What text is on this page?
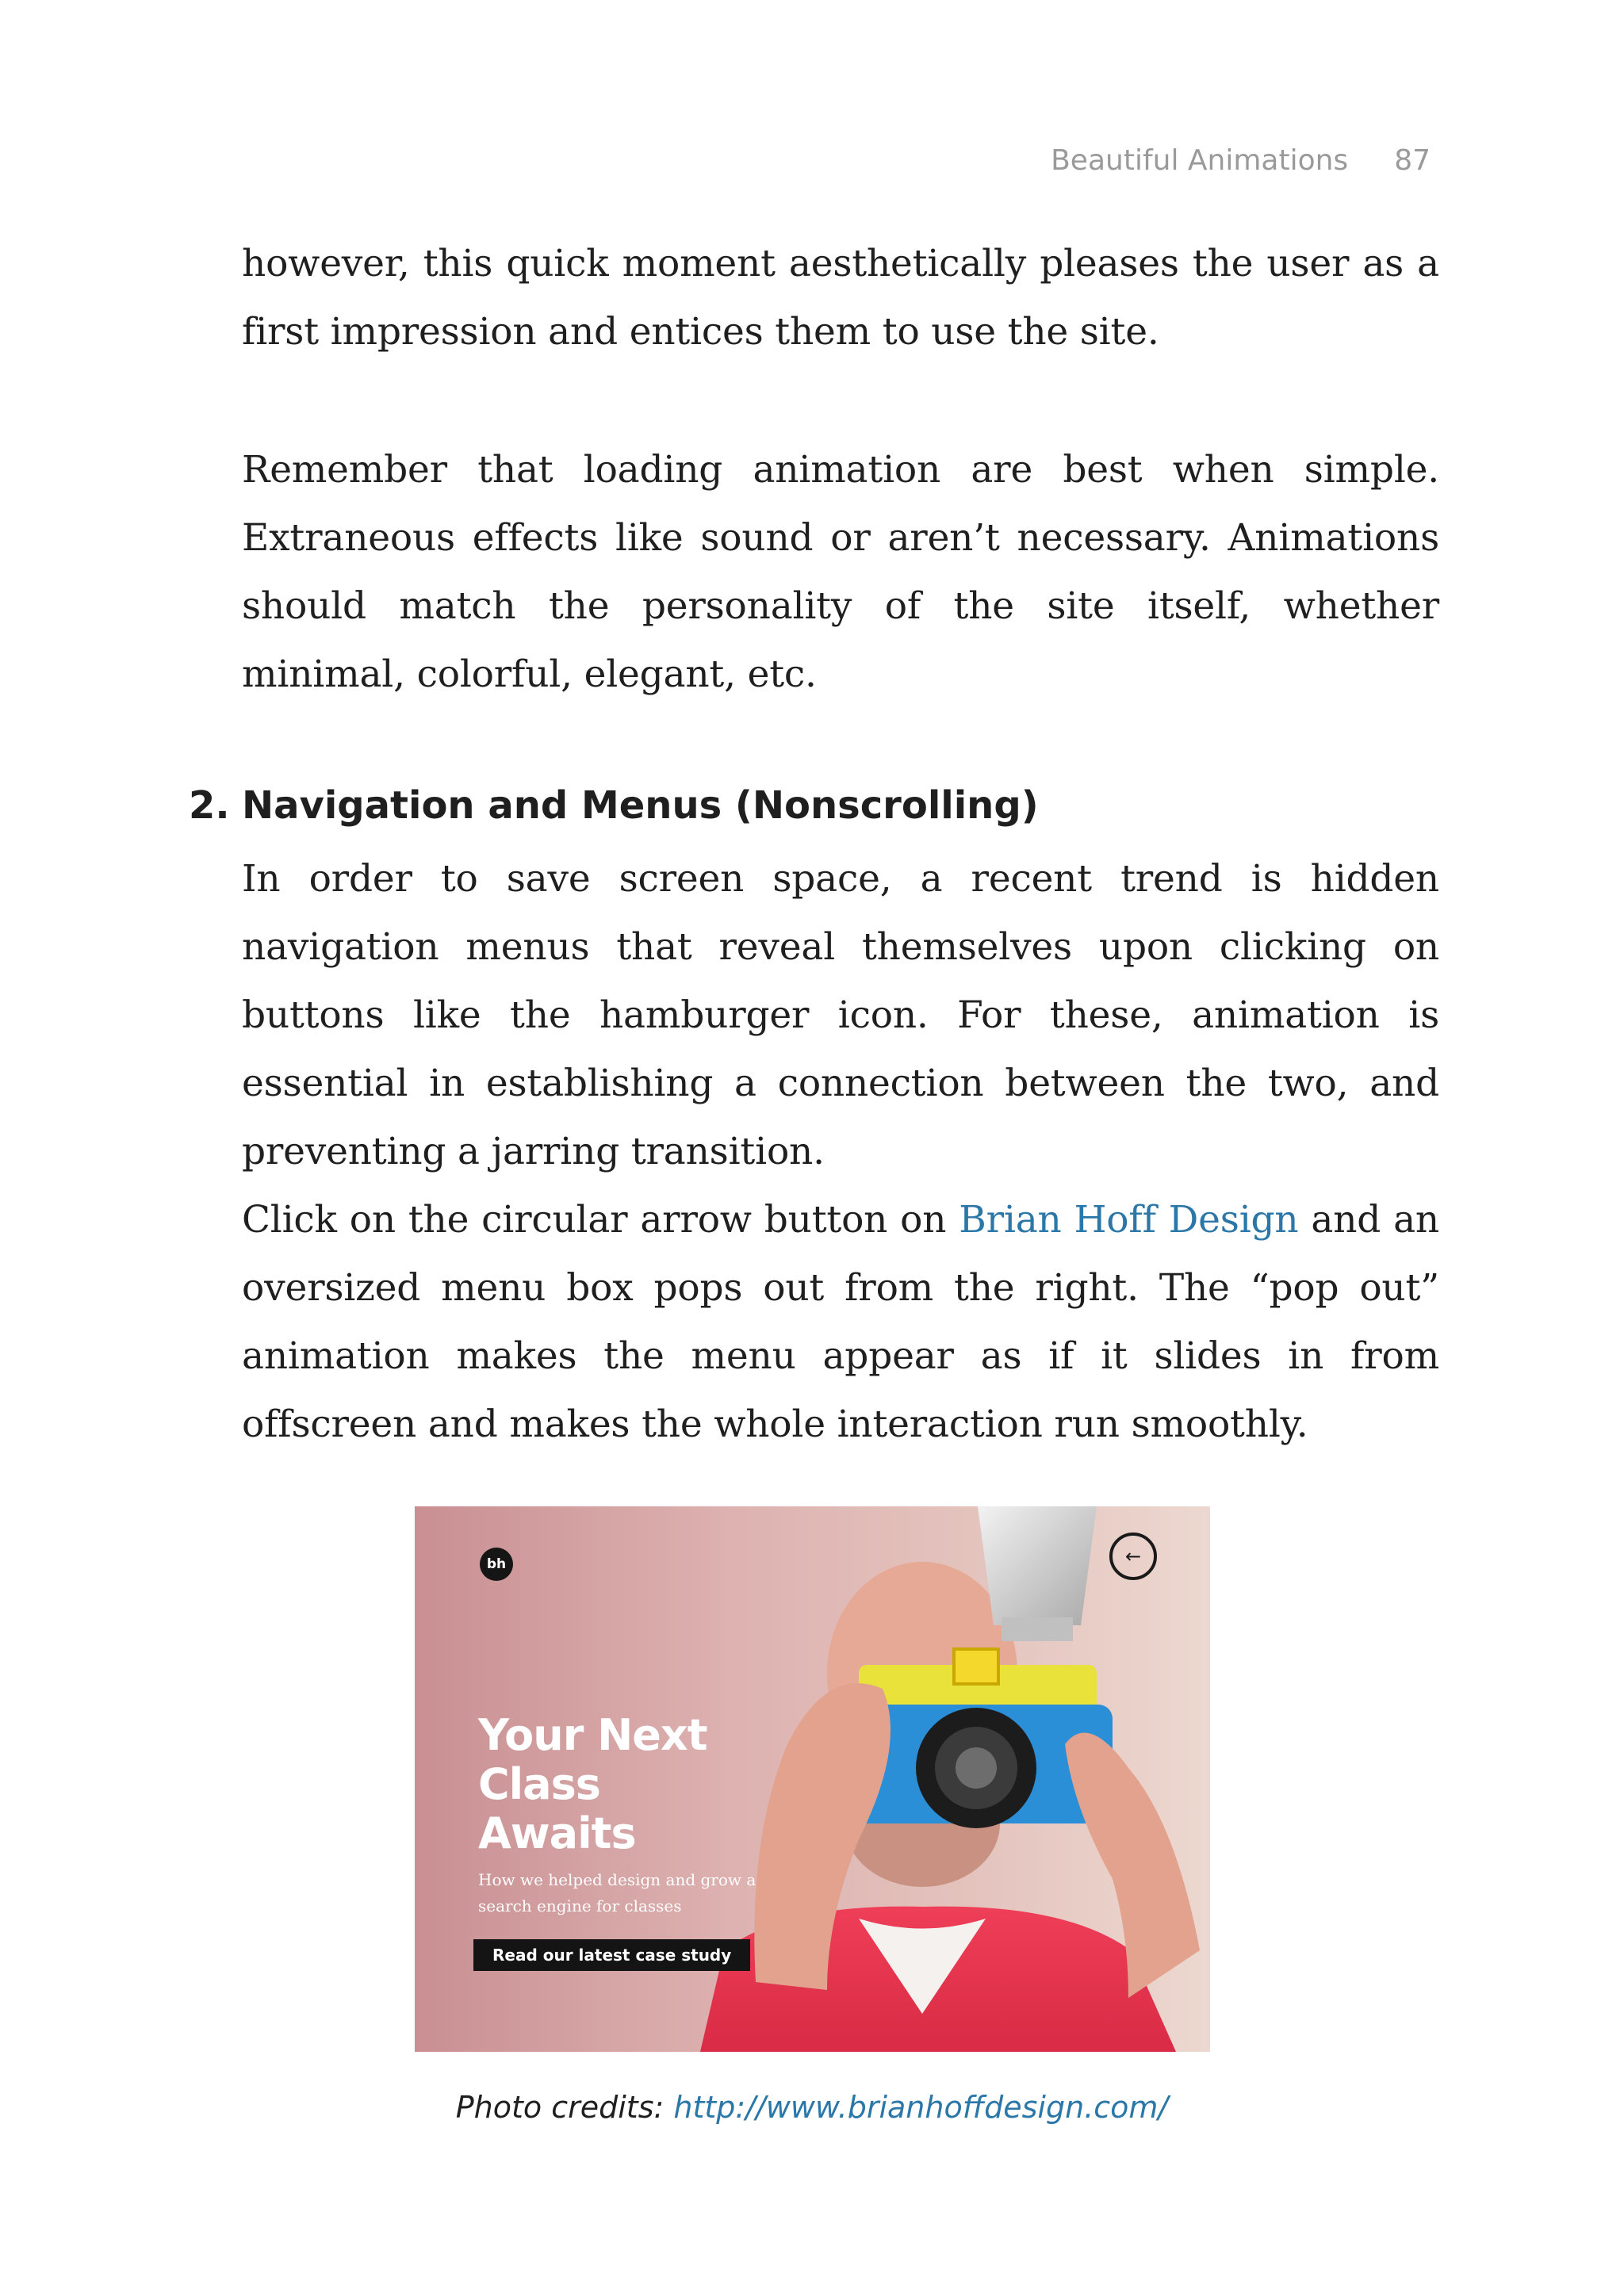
Beautiful Animations 87

however, this quick moment aesthetically pleases the user as a first impression and entices them to use the site.

Remember that loading animation are best when simple. Extraneous effects like sound or aren’t necessary. Animations should match the personality of the site itself, whether minimal, colorful, elegant, etc.

2. Navigation and Menus (Nonscrolling)

In order to save screen space, a recent trend is hidden navigation menus that reveal themselves upon clicking on buttons like the hamburger icon. For these, animation is essential in establishing a connection between the two, and preventing a jarring transition.

Click on the circular arrow button on Brian Hoff Design and an oversized menu box pops out from the right. The “pop out” animation makes the menu appear as if it slides in from offscreen and makes the whole interaction run smoothly.

bh	←
Your Next Class Awaits

How we helped design and grow a search engine for classes

Read our latest case study
Photo credits: http://www.brianhoffdesign.com/
